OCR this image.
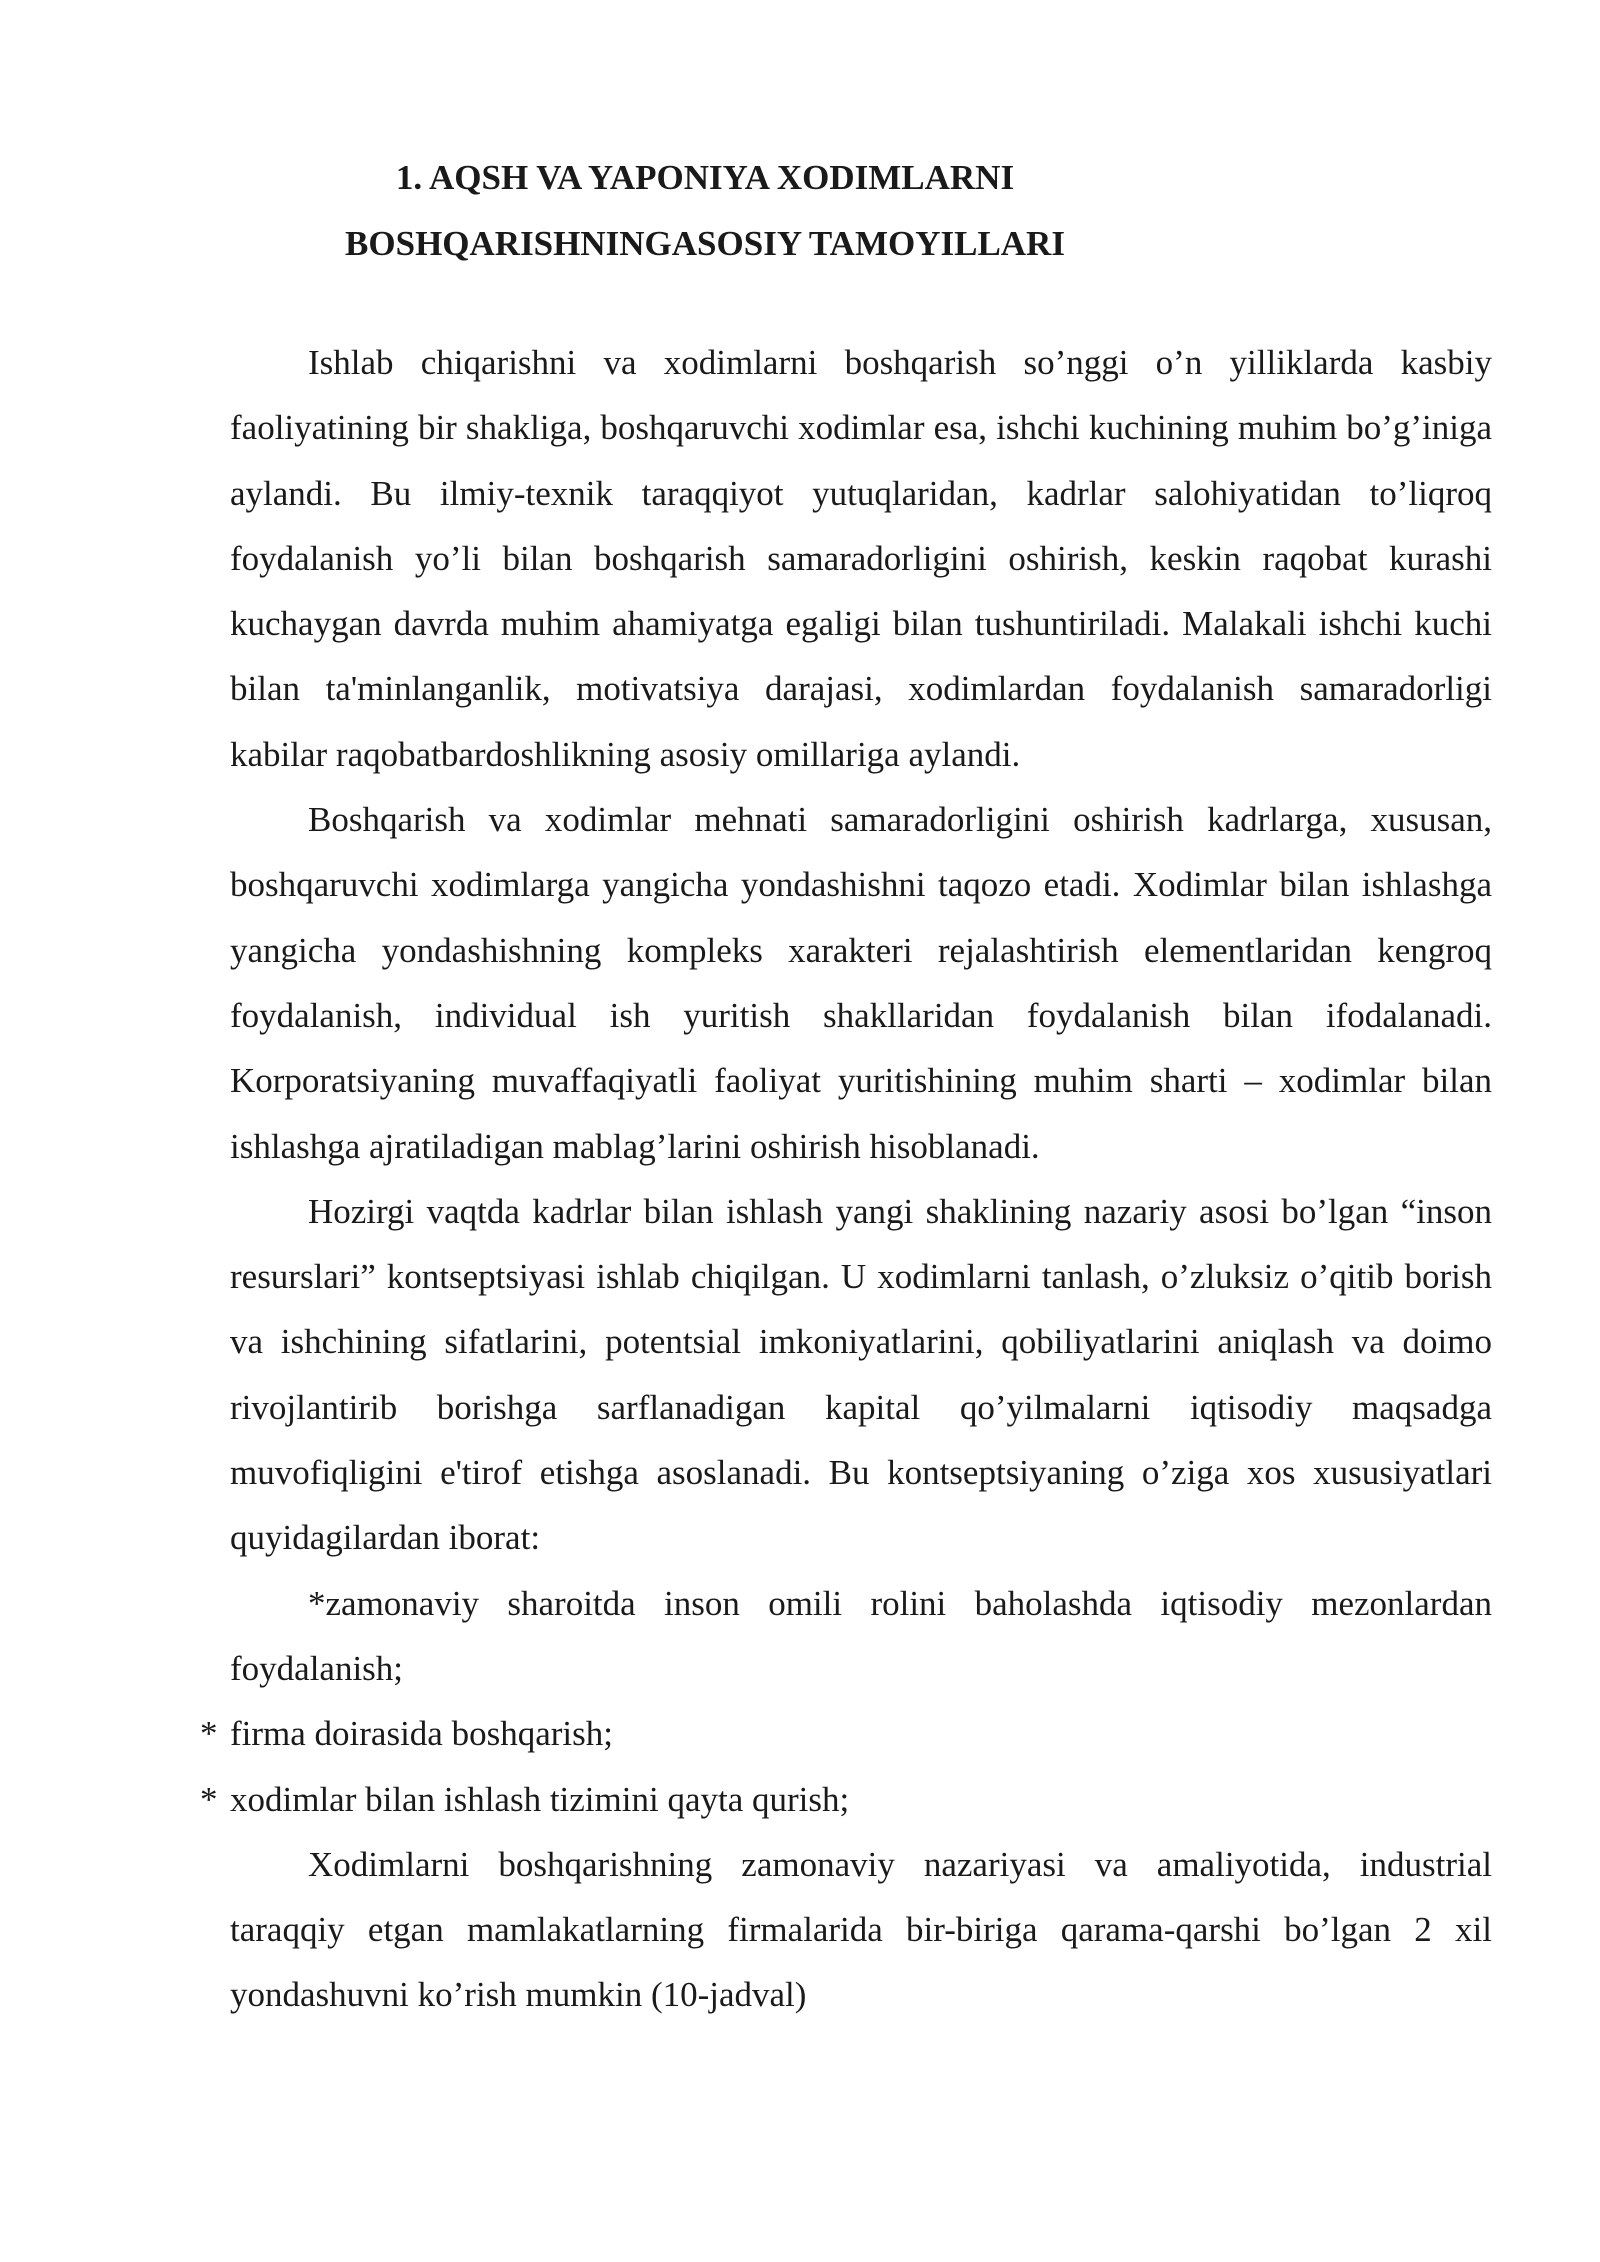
1. AQSH VA YAPONIYA XODIMLARNI
BOSHQARISHNINGASOSIY TAMOYILLARI

Ishlab chiqarishni va xodimlarni boshqarish so’nggi o’n yilliklarda kasbiy faoliyatining bir shakliga, boshqaruvchi xodimlar esa, ishchi kuchining muhim bo’g’iniga aylandi. Bu ilmiy-texnik taraqqiyot yutuqlaridan, kadrlar salohiyatidan to’liqroq foydalanish yo’li bilan boshqarish samaradorligini oshirish, keskin raqobat kurashi kuchaygan davrda muhim ahamiyatga egaligi bilan tushuntiriladi. Malakali ishchi kuchi bilan ta'minlanganlik, motivatsiya darajasi, xodimlardan foydalanish samaradorligi kabilar raqobatbardoshlikning asosiy omillariga aylandi.

Boshqarish va xodimlar mehnati samaradorligini oshirish kadrlarga, xususan, boshqaruvchi xodimlarga yangicha yondashishni taqozo etadi. Xodimlar bilan ishlashga yangicha yondashishning kompleks xarakteri rejalashtirish elementlaridan kengroq foydalanish, individual ish yuritish shakllaridan foydalanish bilan ifodalanadi. Korporatsiyaning muvaffaqiyatli faoliyat yuritishining muhim sharti – xodimlar bilan ishlashga ajratiladigan mablag’larini oshirish hisoblanadi.

Hozirgi vaqtda kadrlar bilan ishlash yangi shaklining nazariy asosi bo’lgan “inson resurslari” kontseptsiyasi ishlab chiqilgan. U xodimlarni tanlash, o’zluksiz o’qitib borish va ishchining sifatlarini, potentsial imkoniyatlarini, qobiliyatlarini aniqlash va doimo rivojlantirib borishga sarflanadigan kapital qo’yilmalarni iqtisodiy maqsadga muvofiqligini e'tirof etishga asoslanadi. Bu kontseptsiyaning o’ziga xos xususiyatlari quyidagilardan iborat:

*zamonaviy sharoitda inson omili rolini baholashda iqtisodiy mezonlardan foydalanish;

* firma doirasida boshqarish;

* xodimlar bilan ishlash tizimini qayta qurish;

Xodimlarni boshqarishning zamonaviy nazariyasi va amaliyotida, industrial taraqqiy etgan mamlakatlarning firmalarida bir-biriga qarama-qarshi bo’lgan 2 xil yondashuvni ko’rish mumkin (10-jadval)
